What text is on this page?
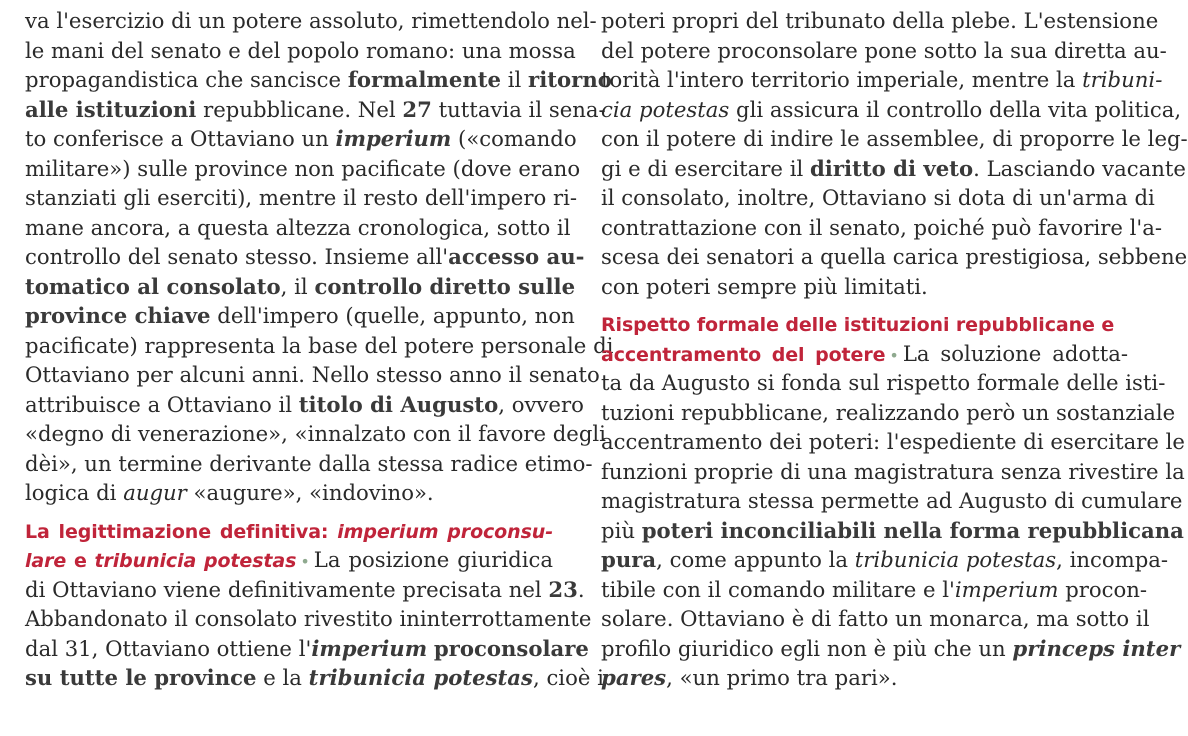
va l'esercizio di un potere assoluto, rimettendolo nel-
le mani del senato e del popolo romano: una mossa
propagandistica che sancisce formalmente il ritorno
alle istituzioni repubblicane. Nel 27 tuttavia il sena-
to conferisce a Ottaviano un imperium («comando
militare») sulle province non pacificate (dove erano
stanziati gli eserciti), mentre il resto dell'impero ri-
mane ancora, a questa altezza cronologica, sotto il
controllo del senato stesso. Insieme all'accesso au-
tomatico al consolato, il controllo diretto sulle
province chiave dell'impero (quelle, appunto, non
pacificate) rappresenta la base del potere personale di
Ottaviano per alcuni anni. Nello stesso anno il senato
attribuisce a Ottaviano il titolo di Augusto, ovvero
«degno di venerazione», «innalzato con il favore degli
dèi», un termine derivante dalla stessa radice etimo-
logica di augur «augure», «indovino».
La legittimazione definitiva: imperium proconsu-
lare e tribunicia potestas • La posizione giuridica
di Ottaviano viene definitivamente precisata nel 23.
Abbandonato il consolato rivestito ininterrottamente
dal 31, Ottaviano ottiene l'imperium proconsolare
su tutte le province e la tribunicia potestas, cioè i
poteri propri del tribunato della plebe. L'estensione
del potere proconsolare pone sotto la sua diretta au-
torità l'intero territorio imperiale, mentre la tribuni-
cia potestas gli assicura il controllo della vita politica,
con il potere di indire le assemblee, di proporre le leg-
gi e di esercitare il diritto di veto. Lasciando vacante
il consolato, inoltre, Ottaviano si dota di un'arma di
contrattazione con il senato, poiché può favorire l'a-
scesa dei senatori a quella carica prestigiosa, sebbene
con poteri sempre più limitati.
Rispetto formale delle istituzioni repubblicane e
accentramento del potere • La soluzione adotta-
ta da Augusto si fonda sul rispetto formale delle isti-
tuzioni repubblicane, realizzando però un sostanziale
accentramento dei poteri: l'espediente di esercitare le
funzioni proprie di una magistratura senza rivestire la
magistratura stessa permette ad Augusto di cumulare
più poteri inconciliabili nella forma repubblicana
pura, come appunto la tribunicia potestas, incompa-
tibile con il comando militare e l'imperium procon-
solare. Ottaviano è di fatto un monarca, ma sotto il
profilo giuridico egli non è più che un princeps inter
pares, «un primo tra pari».
